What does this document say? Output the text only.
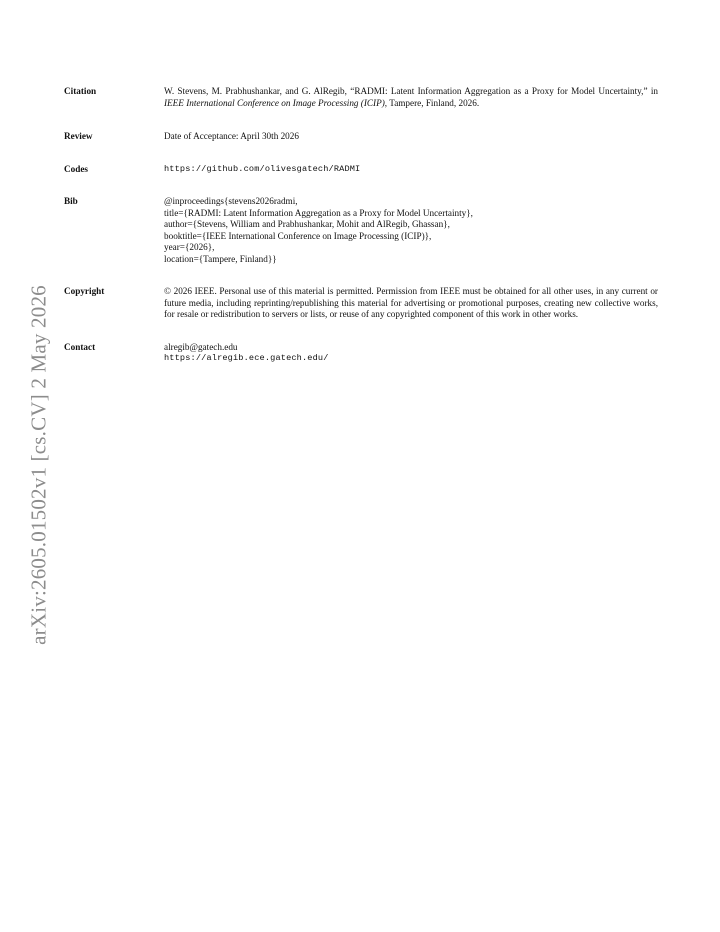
arXiv:2605.01502v1 [cs.CV] 2 May 2026
Citation	W. Stevens, M. Prabhushankar, and G. AlRegib, “RADMI: Latent Information Aggregation as a Proxy for Model Uncertainty,” in IEEE International Conference on Image Processing (ICIP), Tampere, Finland, 2026.
Review	Date of Acceptance: April 30th 2026
Codes	https://github.com/olivesgatech/RADMI
Bib	@inproceedings{stevens2026radmi,
title={RADMI: Latent Information Aggregation as a Proxy for Model Uncertainty},
author={Stevens, William and Prabhushankar, Mohit and AlRegib, Ghassan},
booktitle={IEEE International Conference on Image Processing (ICIP)},
year={2026},
location={Tampere, Finland}}
Copyright	© 2026 IEEE. Personal use of this material is permitted. Permission from IEEE must be obtained for all other uses, in any current or future media, including reprinting/republishing this material for advertising or promotional purposes, creating new collective works, for resale or redistribution to servers or lists, or reuse of any copyrighted component of this work in other works.
Contact	alregib@gatech.edu
https://alregib.ece.gatech.edu/
